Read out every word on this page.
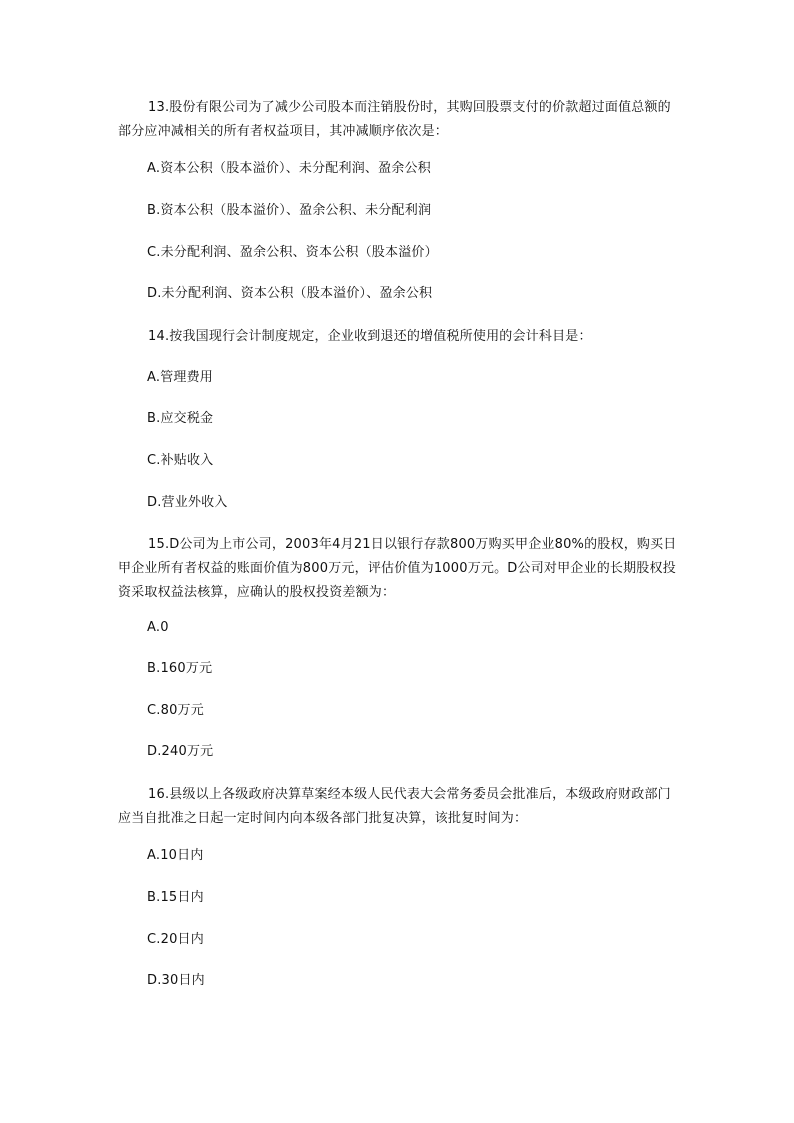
13.股份有限公司为了减少公司股本而注销股份时，其购回股票支付的价款超过面值总额的部分应冲减相关的所有者权益项目，其冲减顺序依次是：
A.资本公积（股本溢价）、未分配利润、盈余公积
B.资本公积（股本溢价）、盈余公积、未分配利润
C.未分配利润、盈余公积、资本公积（股本溢价）
D.未分配利润、资本公积（股本溢价）、盈余公积
14.按我国现行会计制度规定，企业收到退还的增值税所使用的会计科目是：
A.管理费用
B.应交税金
C.补贴收入
D.营业外收入
15.D公司为上市公司，2003年4月21日以银行存款800万购买甲企业80%的股权，购买日甲企业所有者权益的账面价值为800万元，评估价值为1000万元。D公司对甲企业的长期股权投资采取权益法核算，应确认的股权投资差额为：
A.0
B.160万元
C.80万元
D.240万元
16.县级以上各级政府决算草案经本级人民代表大会常务委员会批准后，本级政府财政部门应当自批准之日起一定时间内向本级各部门批复决算，该批复时间为：
A.10日内
B.15日内
C.20日内
D.30日内
